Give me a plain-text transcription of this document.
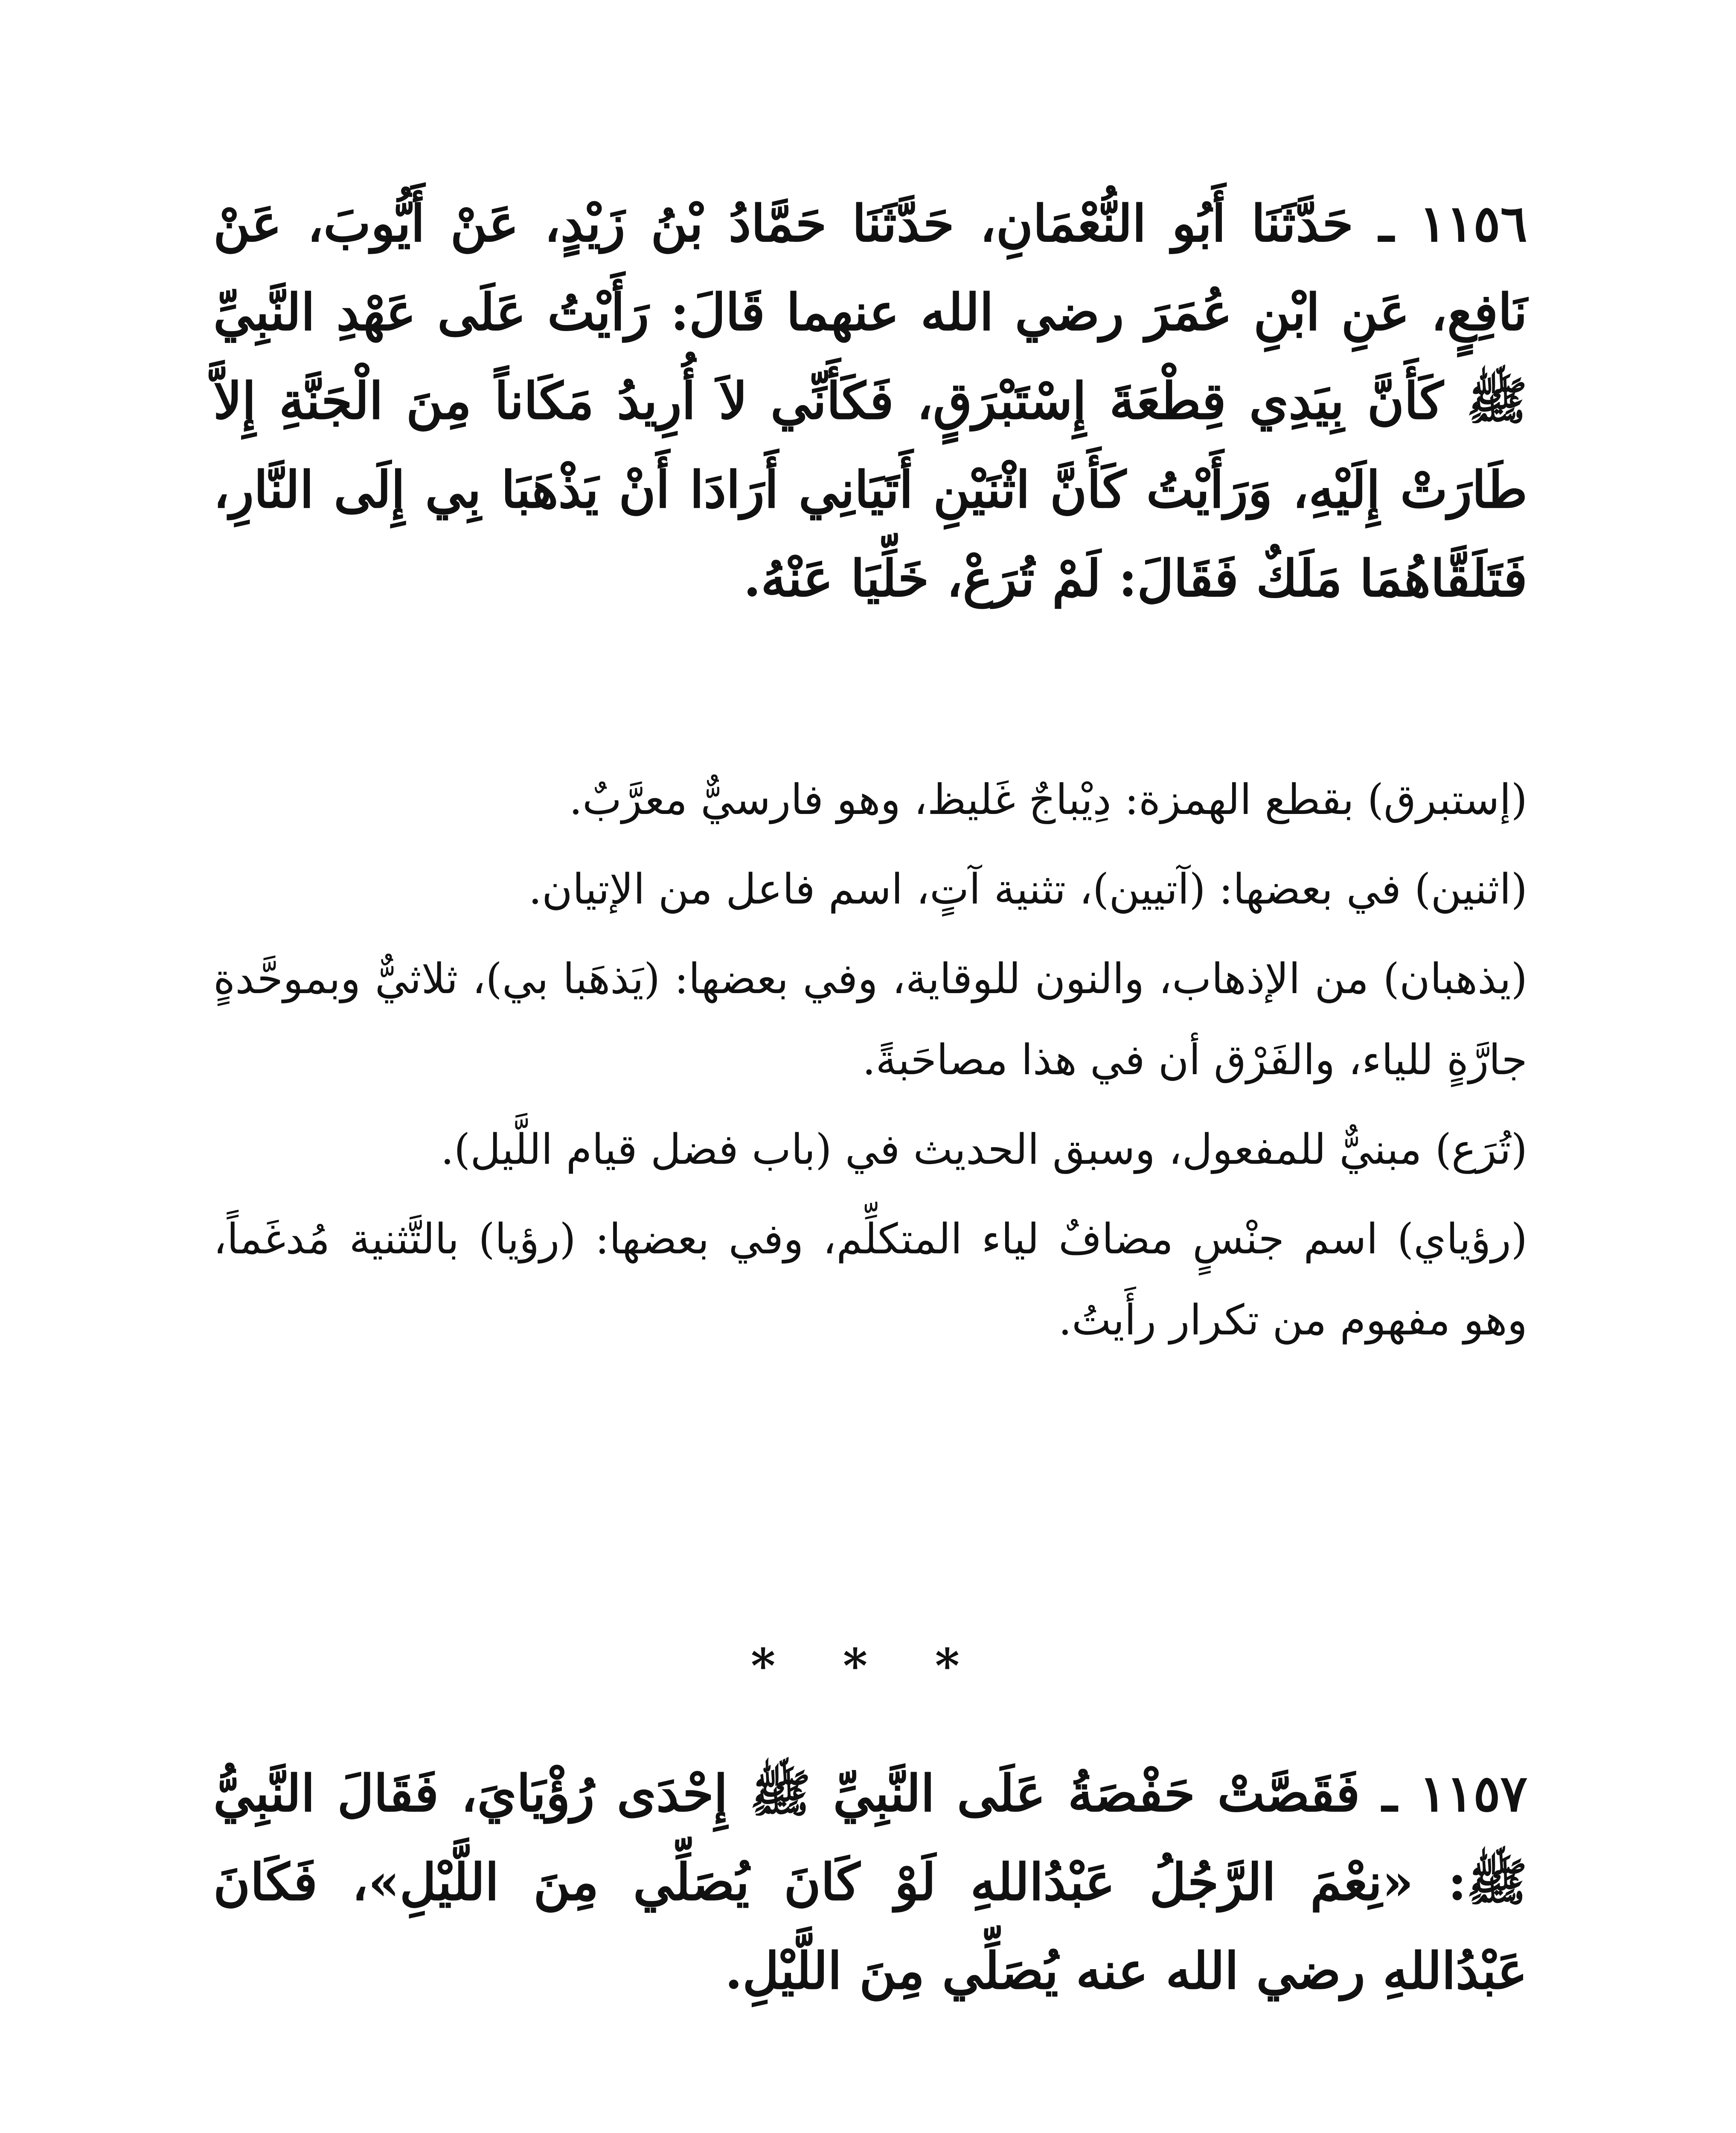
١١٥٦ ـ حَدَّثَنَا أَبُو النُّعْمَانِ، حَدَّثَنَا حَمَّادُ بْنُ زَيْدٍ، عَنْ أَيُّوبَ، عَنْ نَافِعٍ، عَنِ ابْنِ عُمَرَ رضي الله عنهما قَالَ: رَأَيْتُ عَلَى عَهْدِ النَّبِيِّ ﷺ كَأَنَّ بِيَدِي قِطْعَةَ إِسْتَبْرَقٍ، فَكَأَنِّي لاَ أُرِيدُ مَكَاناً مِنَ الْجَنَّةِ إِلاَّ طَارَتْ إِلَيْهِ، وَرَأَيْتُ كَأَنَّ اثْنَيْنِ أَتَيَانِي أَرَادَا أَنْ يَذْهَبَا بِي إِلَى النَّارِ، فَتَلَقَّاهُمَا مَلَكٌ فَقَالَ: لَمْ تُرَعْ، خَلِّيَا عَنْهُ.

(إستبرق) بقطع الهمزة: دِيْباجٌ غَليظ، وهو فارسيٌّ معرَّبٌ.

(اثنين) في بعضها: (آتيين)، تثنية آتٍ، اسم فاعل من الإتيان.

(يذهبان) من الإذهاب، والنون للوقاية، وفي بعضها: (يَذهَبا بي)، ثلاثيٌّ وبموحَّدةٍ جارَّةٍ للياء، والفَرْق أن في هذا مصاحَبةً.

(تُرَع) مبنيٌّ للمفعول، وسبق الحديث في (باب فضل قيام اللَّيل).

(رؤياي) اسم جنْسٍ مضافٌ لياء المتكلِّم، وفي بعضها: (رؤيا) بالتَّثنية مُدغَماً، وهو مفهوم من تكرار رأَيتُ.

* * *

١١٥٧ ـ فَقَصَّتْ حَفْصَةُ عَلَى النَّبِيِّ ﷺ إِحْدَى رُؤْيَايَ، فَقَالَ النَّبِيُّ ﷺ: «نِعْمَ الرَّجُلُ عَبْدُاللهِ لَوْ كَانَ يُصَلِّي مِنَ اللَّيْلِ»، فَكَانَ عَبْدُاللهِ رضي الله عنه يُصَلِّي مِنَ اللَّيْلِ.
